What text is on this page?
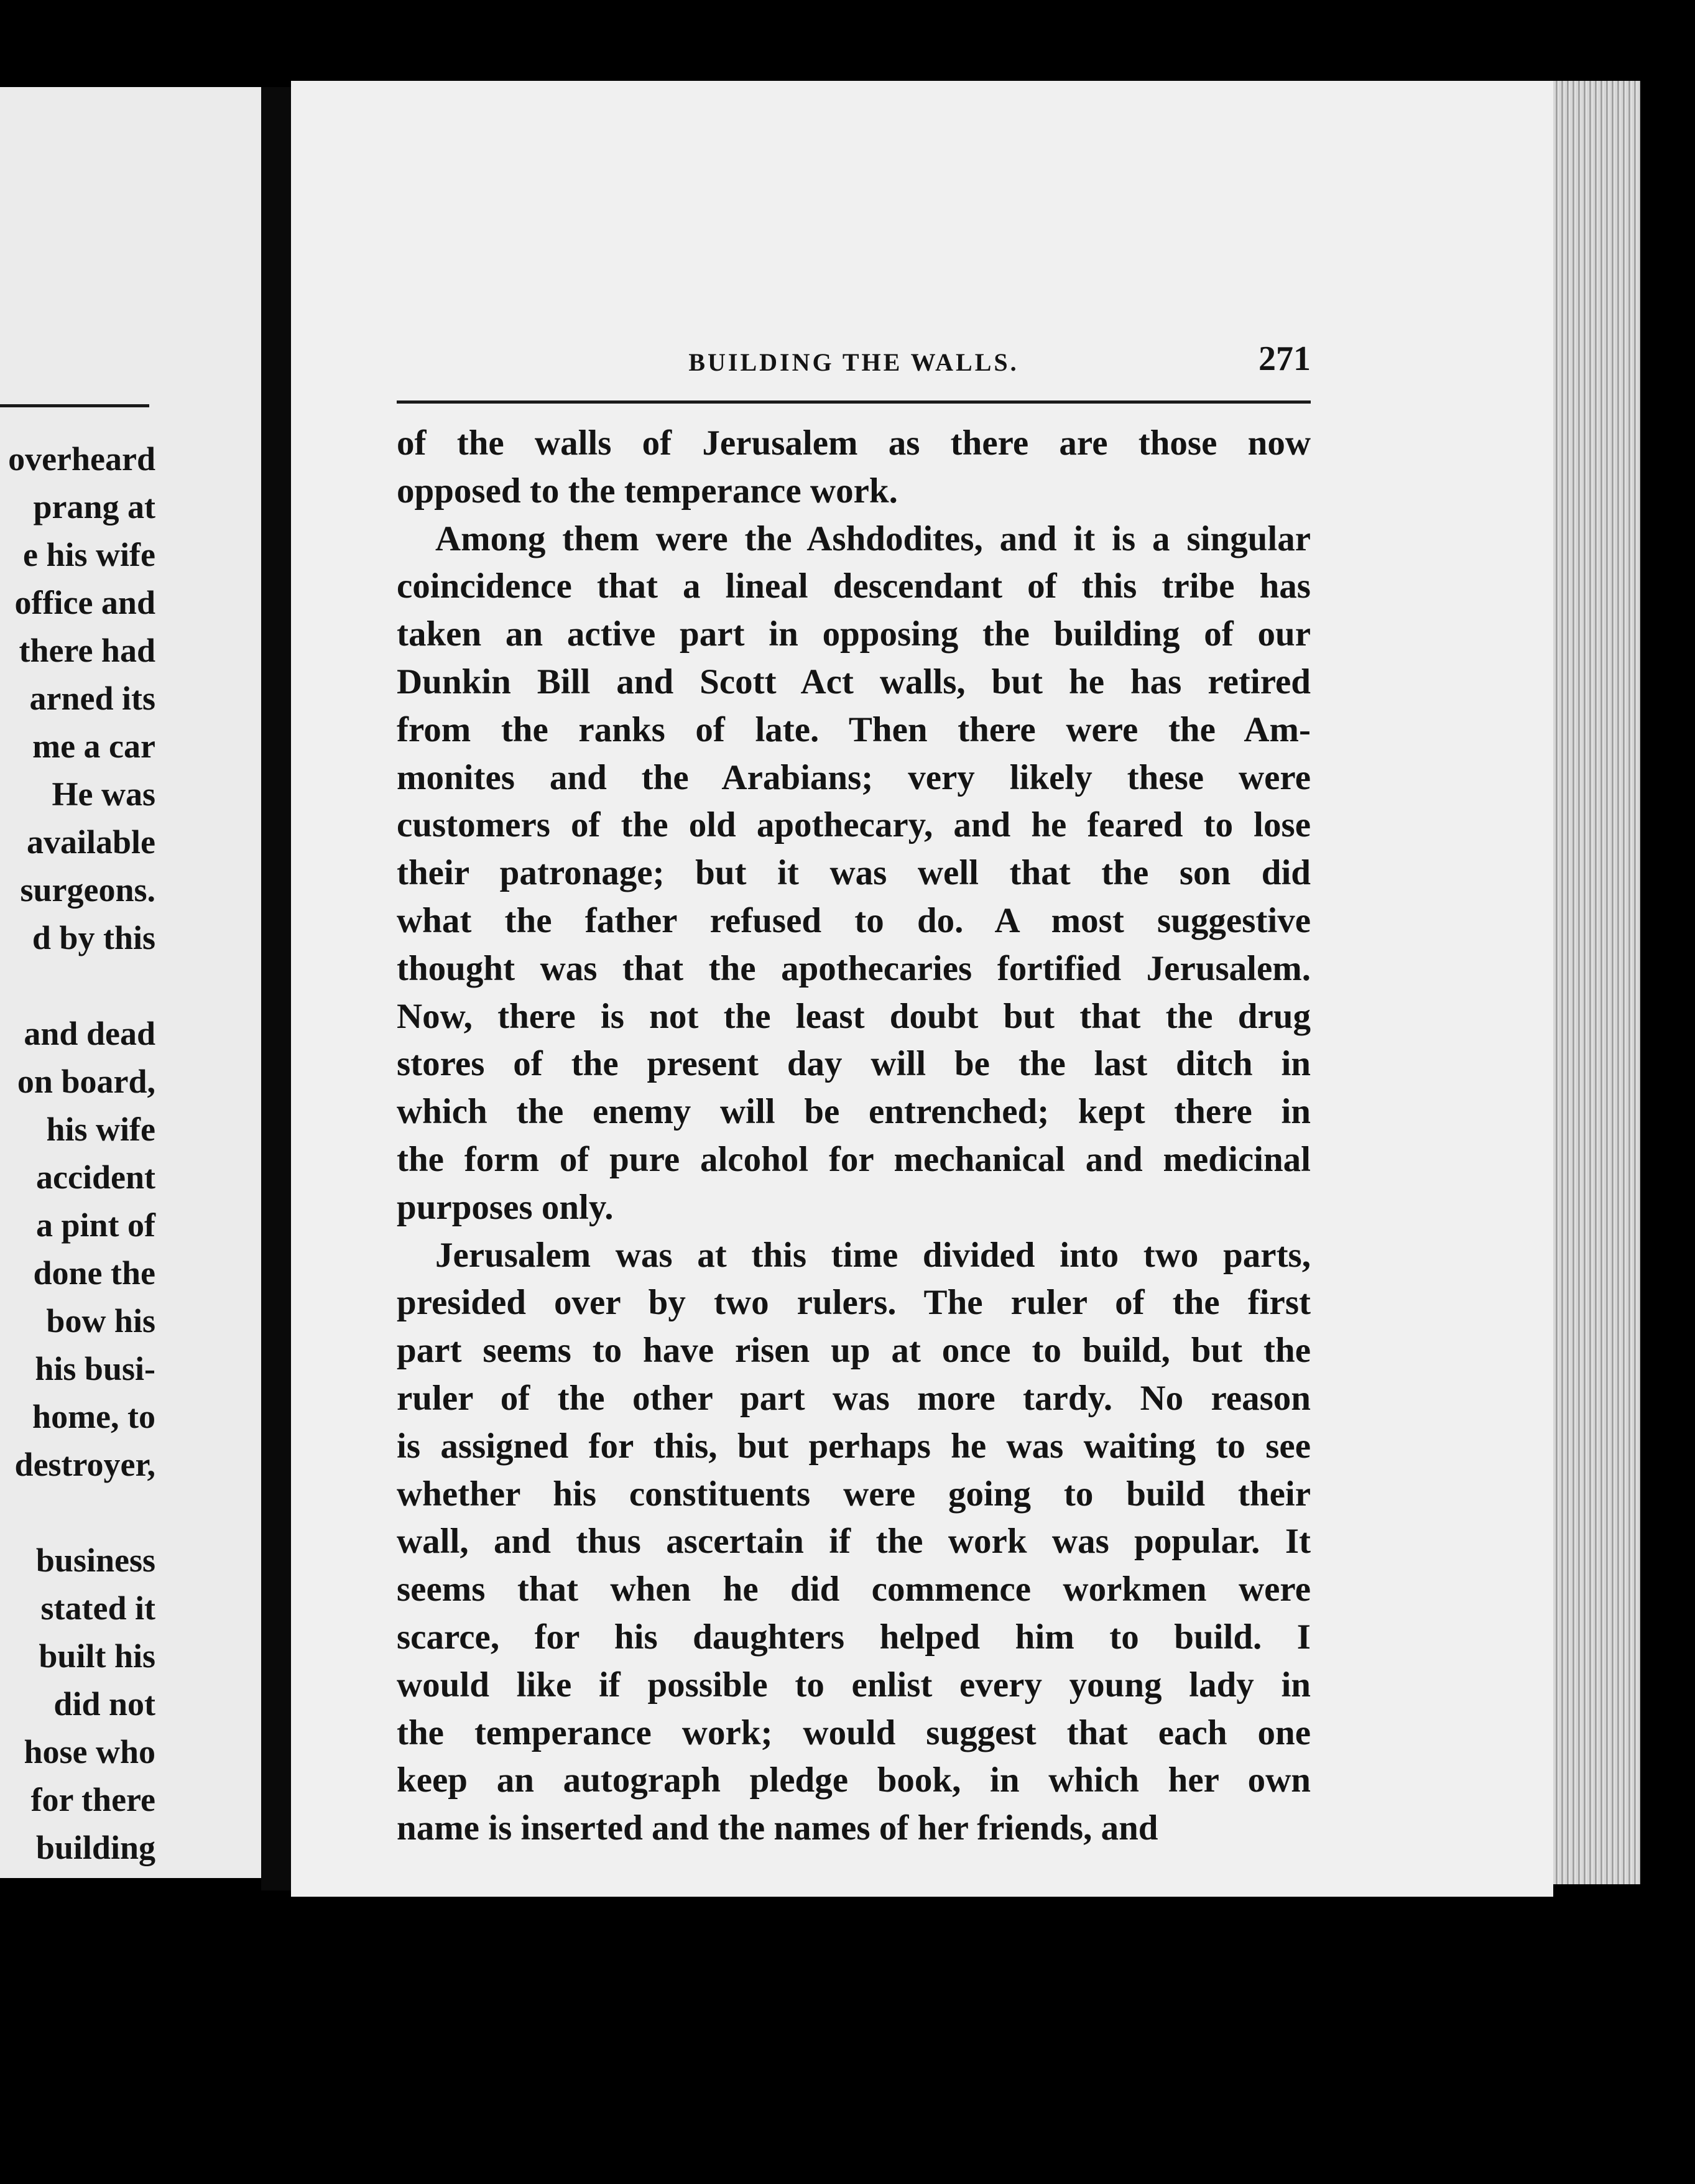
overheard
prang at
e his wife
office and
there had
arned its
me a car
He was
available
surgeons.
d by this
and dead
on board,
his wife
accident
a pint of
done the
bow his
his busi-
home, to
destroyer,
business
stated it
built his
did not
hose who
for there
building
BUILDING THE WALLS.	271
of the walls of Jerusalem as there are those now
opposed to the temperance work.
Among them were the Ashdodites, and it is a singular
coincidence that a lineal descendant of this tribe has
taken an active part in opposing the building of our
Dunkin Bill and Scott Act walls, but he has retired
from the ranks of late. Then there were the Am-
monites and the Arabians; very likely these were
customers of the old apothecary, and he feared to lose
their patronage; but it was well that the son did
what the father refused to do. A most suggestive
thought was that the apothecaries fortified Jerusalem.
Now, there is not the least doubt but that the drug
stores of the present day will be the last ditch in
which the enemy will be entrenched; kept there in
the form of pure alcohol for mechanical and medicinal
purposes only.
Jerusalem was at this time divided into two parts,
presided over by two rulers. The ruler of the first
part seems to have risen up at once to build, but the
ruler of the other part was more tardy. No reason
is assigned for this, but perhaps he was waiting to see
whether his constituents were going to build their
wall, and thus ascertain if the work was popular. It
seems that when he did commence workmen were
scarce, for his daughters helped him to build. I
would like if possible to enlist every young lady in
the temperance work; would suggest that each one
keep an autograph pledge book, in which her own
name is inserted and the names of her friends, and
